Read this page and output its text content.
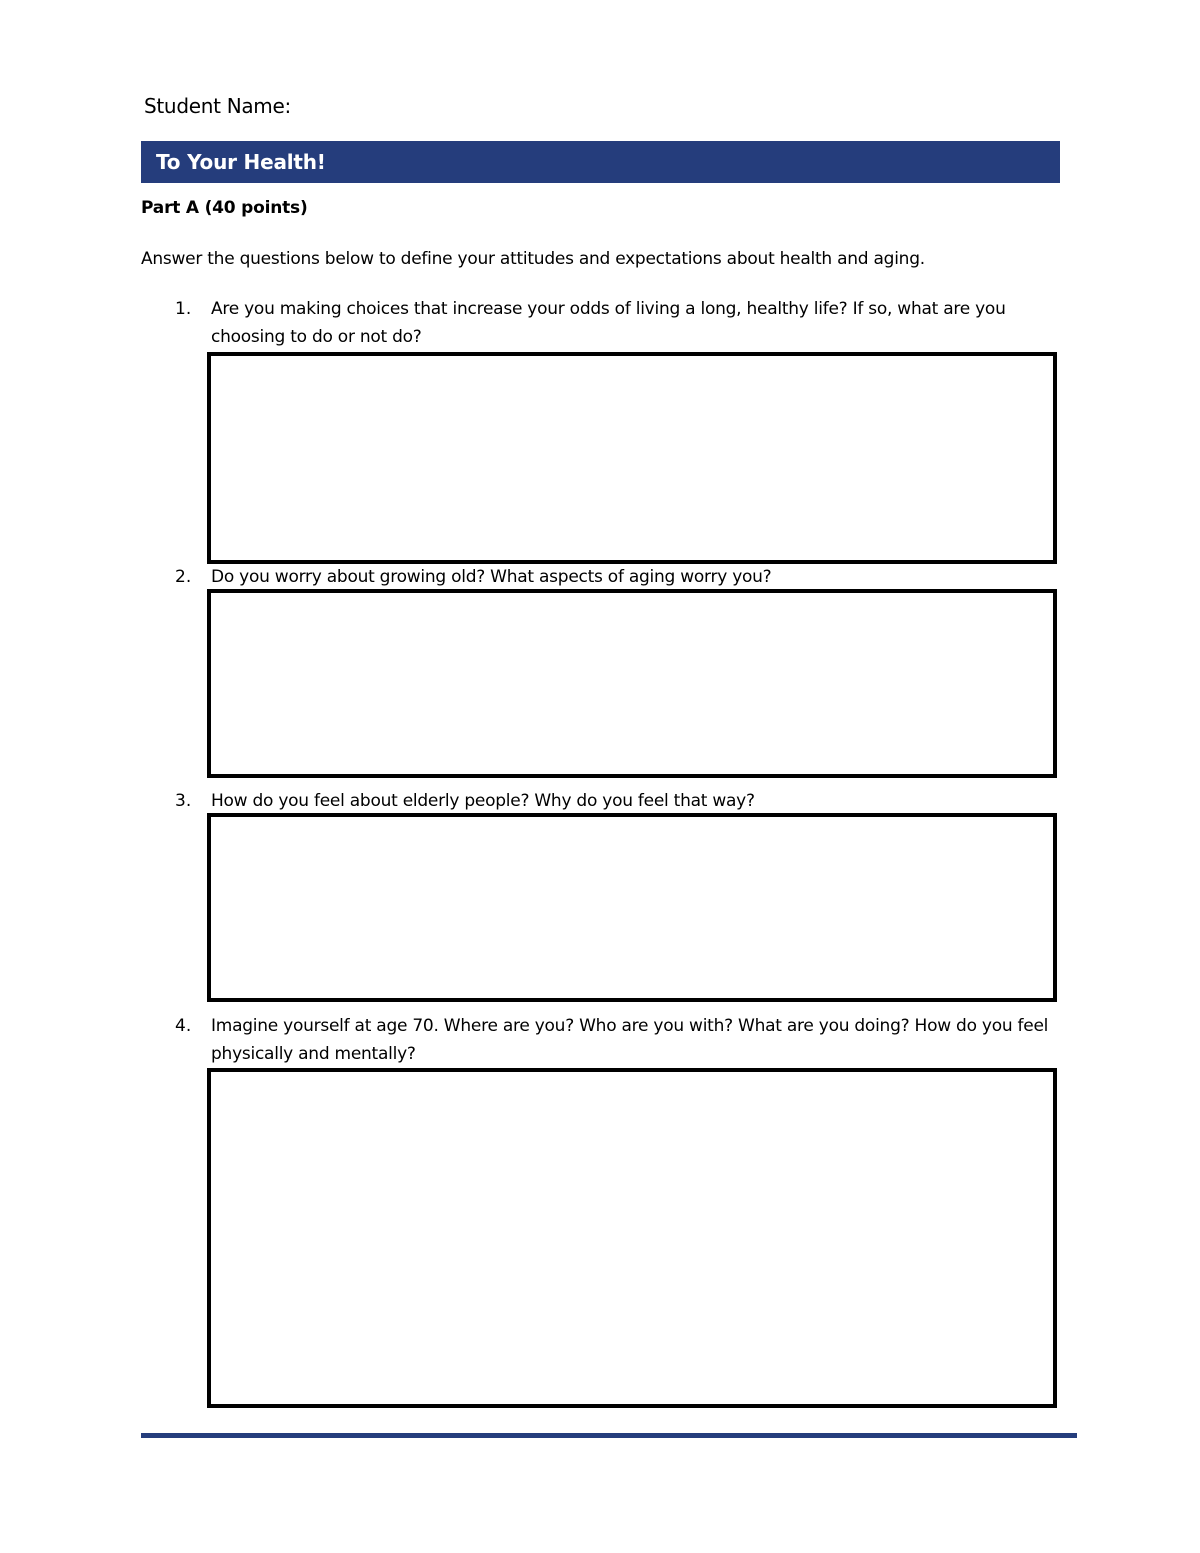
Student Name:
To Your Health!
Part A (40 points)
Answer the questions below to define your attitudes and expectations about health and aging.
1. Are you making choices that increase your odds of living a long, healthy life? If so, what are you choosing to do or not do?
2. Do you worry about growing old? What aspects of aging worry you?
3. How do you feel about elderly people? Why do you feel that way?
4. Imagine yourself at age 70. Where are you? Who are you with? What are you doing? How do you feel physically and mentally?
